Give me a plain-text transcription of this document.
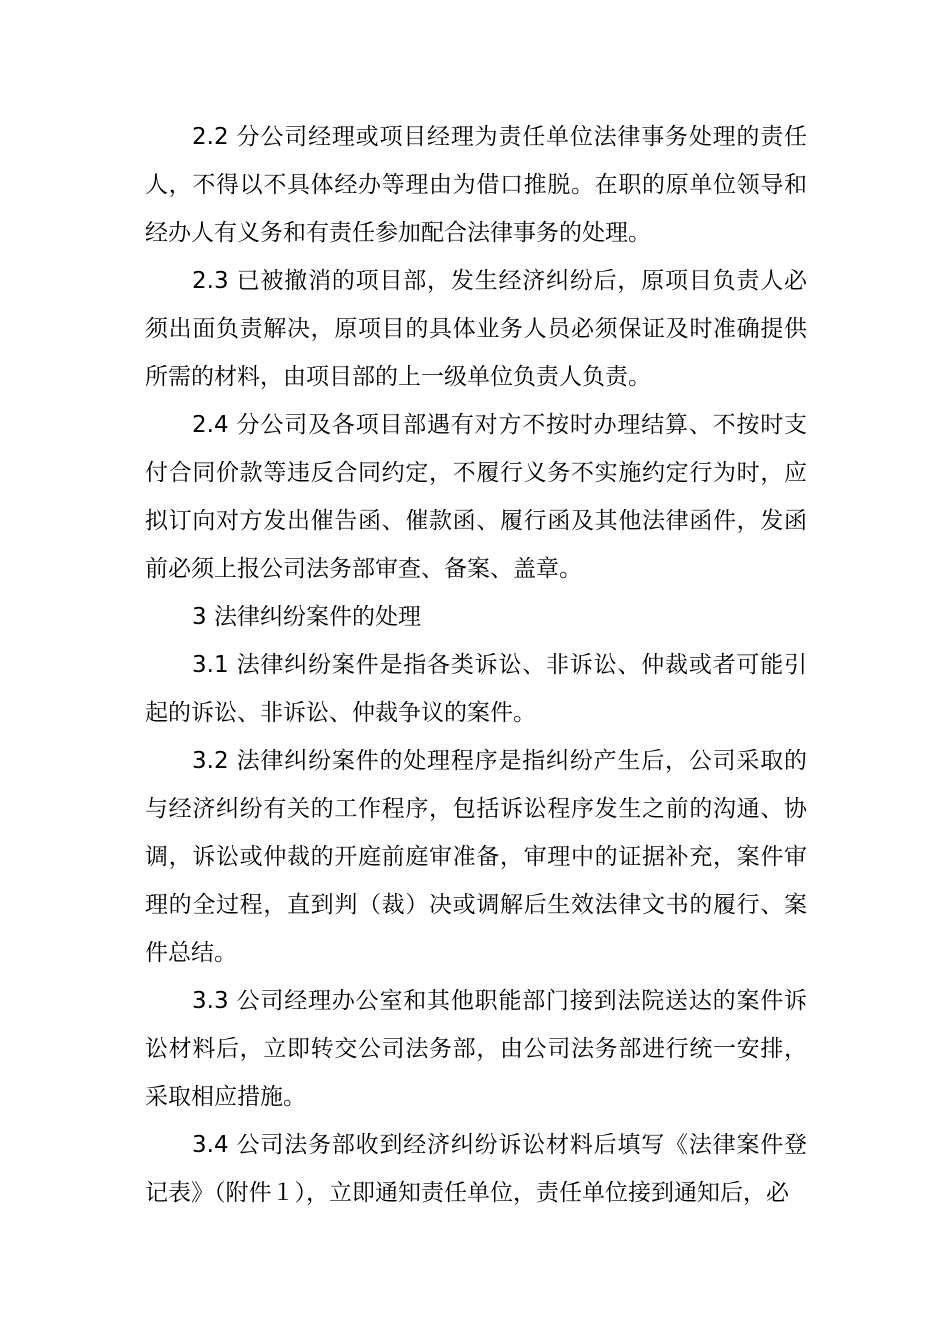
2.2 分公司经理或项目经理为责任单位法律事务处理的责任人，不得以不具体经办等理由为借口推脱。在职的原单位领导和经办人有义务和有责任参加配合法律事务的处理。

2.3 已被撤消的项目部，发生经济纠纷后，原项目负责人必须出面负责解决，原项目的具体业务人员必须保证及时准确提供所需的材料，由项目部的上一级单位负责人负责。

2.4 分公司及各项目部遇有对方不按时办理结算、不按时支付合同价款等违反合同约定，不履行义务不实施约定行为时，应拟订向对方发出催告函、催款函、履行函及其他法律函件，发函前必须上报公司法务部审查、备案、盖章。

3 法律纠纷案件的处理

3.1 法律纠纷案件是指各类诉讼、非诉讼、仲裁或者可能引起的诉讼、非诉讼、仲裁争议的案件。

3.2 法律纠纷案件的处理程序是指纠纷产生后，公司采取的与经济纠纷有关的工作程序，包括诉讼程序发生之前的沟通、协调，诉讼或仲裁的开庭前庭审准备，审理中的证据补充，案件审理的全过程，直到判（裁）决或调解后生效法律文书的履行、案件总结。

3.3 公司经理办公室和其他职能部门接到法院送达的案件诉讼材料后，立即转交公司法务部，由公司法务部进行统一安排，采取相应措施。

3.4 公司法务部收到经济纠纷诉讼材料后填写《法律案件登记表》（附件１），立即通知责任单位，责任单位接到通知后，必
